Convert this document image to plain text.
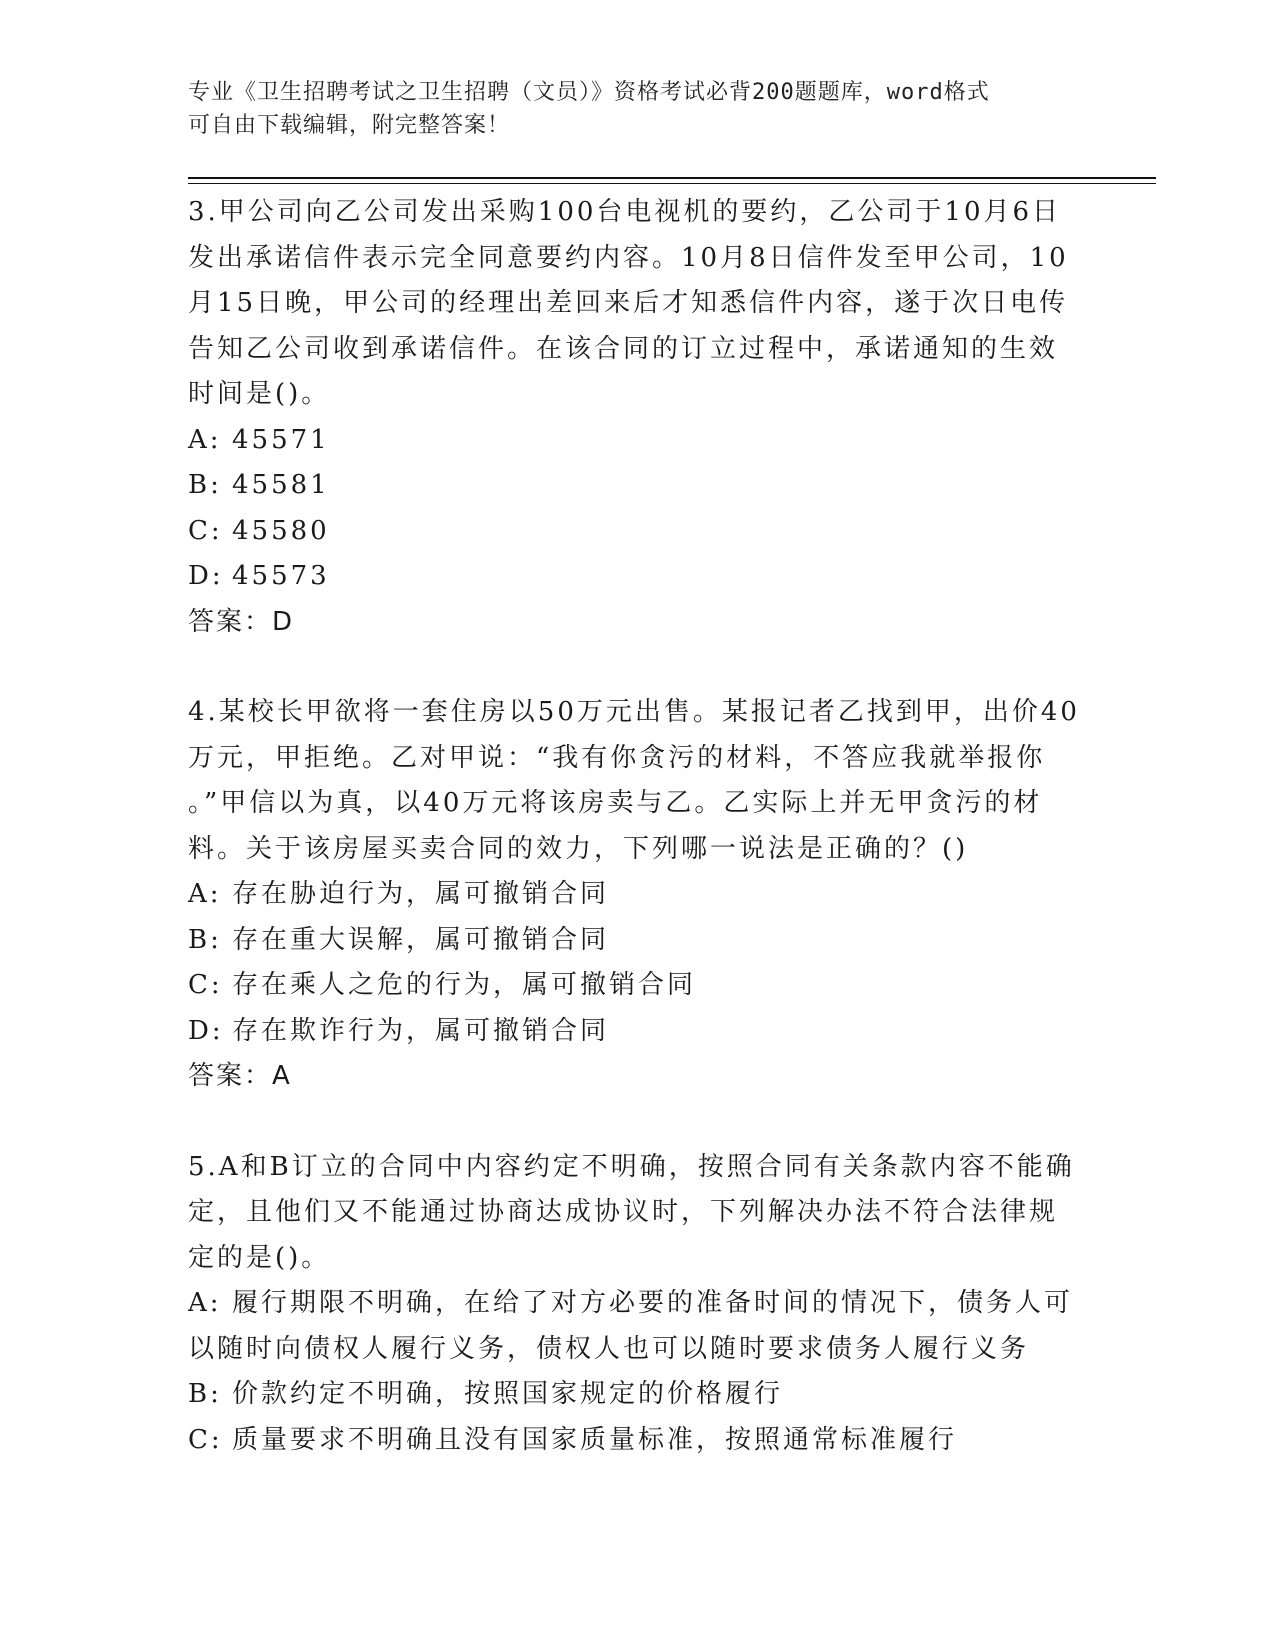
专业《卫生招聘考试之卫生招聘（文员）》资格考试必背200题题库，word格式
可自由下载编辑，附完整答案！

3.甲公司向乙公司发出采购100台电视机的要约，乙公司于10月6日

发出承诺信件表示完全同意要约内容。10月8日信件发至甲公司，10

月15日晚，甲公司的经理出差回来后才知悉信件内容，遂于次日电传

告知乙公司收到承诺信件。在该合同的订立过程中，承诺通知的生效

时间是()。

A: 45571

B: 45581

C: 45580

D: 45573

答案：D

4.某校长甲欲将一套住房以50万元出售。某报记者乙找到甲，出价40

万元，甲拒绝。乙对甲说：“我有你贪污的材料，不答应我就举报你

。”甲信以为真，以40万元将该房卖与乙。乙实际上并无甲贪污的材

料。关于该房屋买卖合同的效力，下列哪一说法是正确的？()

A: 存在胁迫行为，属可撤销合同

B: 存在重大误解，属可撤销合同

C: 存在乘人之危的行为，属可撤销合同

D: 存在欺诈行为，属可撤销合同

答案：A

5.A和B订立的合同中内容约定不明确，按照合同有关条款内容不能确

定，且他们又不能通过协商达成协议时，下列解决办法不符合法律规

定的是()。

A: 履行期限不明确，在给了对方必要的准备时间的情况下，债务人可

以随时向债权人履行义务，债权人也可以随时要求债务人履行义务

B: 价款约定不明确，按照国家规定的价格履行

C: 质量要求不明确且没有国家质量标准，按照通常标准履行
